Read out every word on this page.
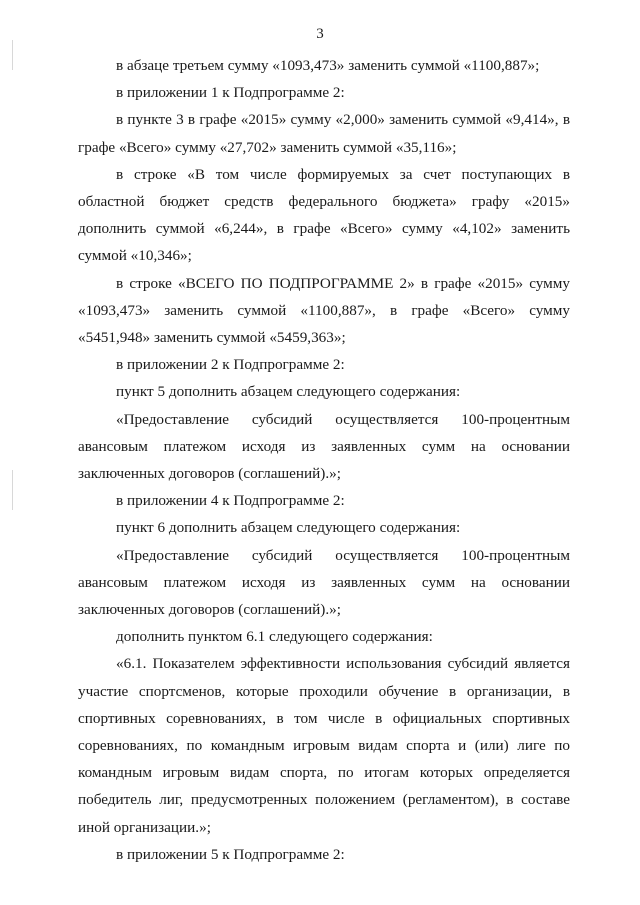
3

в абзаце третьем сумму «1093,473» заменить суммой «1100,887»;

в приложении 1 к Подпрограмме 2:

в пункте 3 в графе «2015» сумму «2,000» заменить суммой «9,414», в графе «Всего» сумму «27,702» заменить суммой «35,116»;

в строке «В том числе формируемых за счет поступающих в областной бюджет средств федерального бюджета» графу «2015» дополнить суммой «6,244», в графе «Всего» сумму «4,102» заменить суммой «10,346»;

в строке «ВСЕГО ПО ПОДПРОГРАММЕ 2» в графе «2015» сумму «1093,473» заменить суммой «1100,887», в графе «Всего» сумму «5451,948» заменить суммой «5459,363»;

в приложении 2 к Подпрограмме 2:

пункт 5 дополнить абзацем следующего содержания:

«Предоставление субсидий осуществляется 100-процентным авансовым платежом исходя из заявленных сумм на основании заключенных договоров (соглашений).»;

в приложении 4 к Подпрограмме 2:

пункт 6 дополнить абзацем следующего содержания:

«Предоставление субсидий осуществляется 100-процентным авансовым платежом исходя из заявленных сумм на основании заключенных договоров (соглашений).»;

дополнить пунктом 6.1 следующего содержания:

«6.1. Показателем эффективности использования субсидий является участие спортсменов, которые проходили обучение в организации, в спортивных соревнованиях, в том числе в официальных спортивных соревнованиях, по командным игровым видам спорта и (или) лиге по командным игровым видам спорта, по итогам которых определяется победитель лиг, предусмотренных положением (регламентом), в составе иной организации.»;

в приложении 5 к Подпрограмме 2:
